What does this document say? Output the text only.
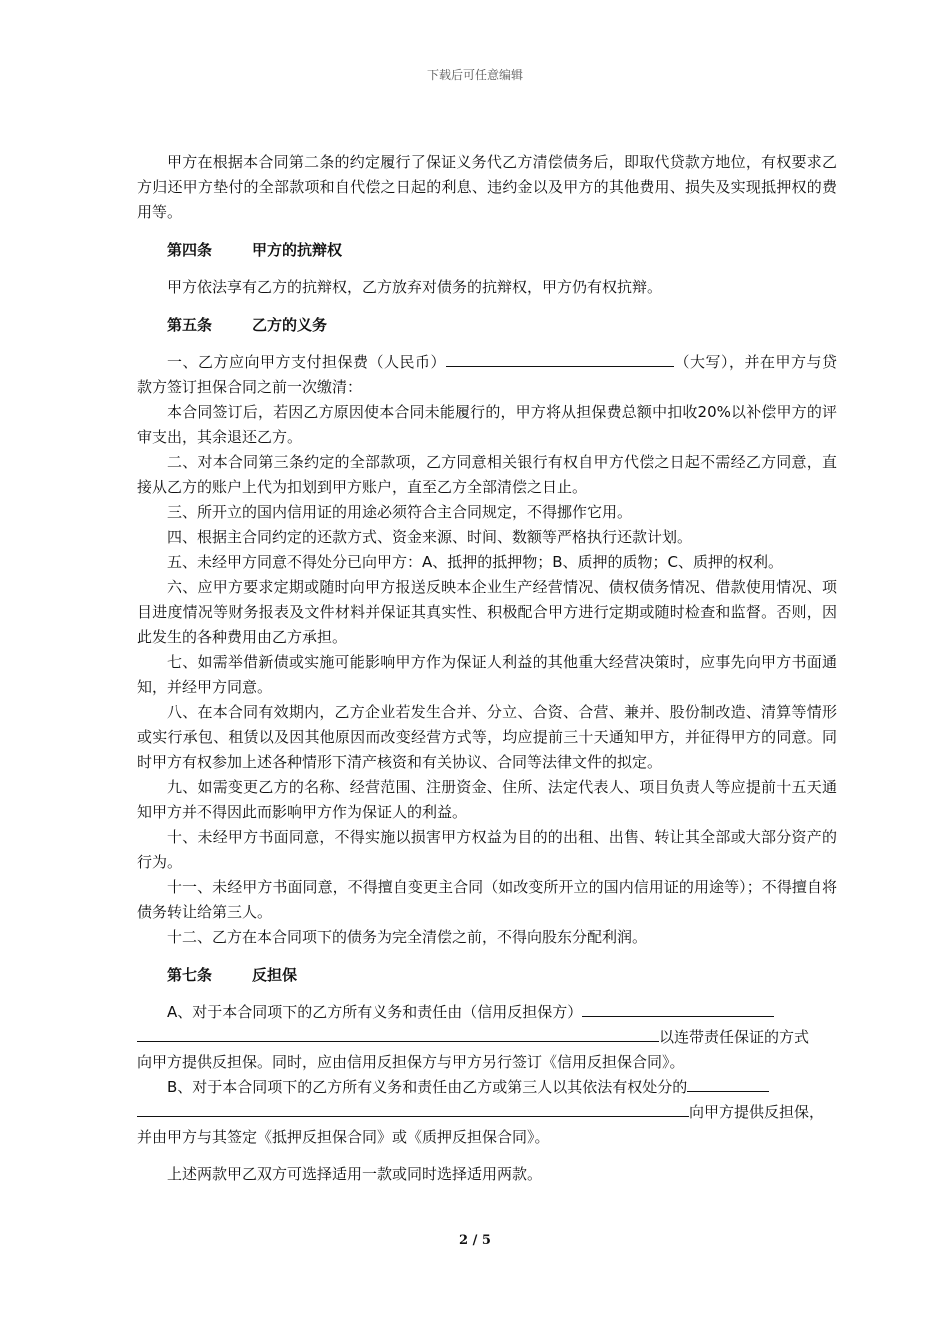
下载后可任意编辑

甲方在根据本合同第二条的约定履行了保证义务代乙方清偿债务后，即取代贷款方地位，有权要求乙方归还甲方垫付的全部款项和自代偿之日起的利息、违约金以及甲方的其他费用、损失及实现抵押权的费用等。

第四条	甲方的抗辩权

甲方依法享有乙方的抗辩权，乙方放弃对债务的抗辩权，甲方仍有权抗辩。

第五条	乙方的义务

一、乙方应向甲方支付担保费（人民币）	（大写），并在甲方与贷款方签订担保合同之前一次缴清：

本合同签订后，若因乙方原因使本合同未能履行的，甲方将从担保费总额中扣收20%以补偿甲方的评审支出，其余退还乙方。

二、对本合同第三条约定的全部款项，乙方同意相关银行有权自甲方代偿之日起不需经乙方同意，直接从乙方的账户上代为扣划到甲方账户，直至乙方全部清偿之日止。

三、所开立的国内信用证的用途必须符合主合同规定，不得挪作它用。

四、根据主合同约定的还款方式、资金来源、时间、数额等严格执行还款计划。

五、未经甲方同意不得处分已向甲方：A、抵押的抵押物；B、质押的质物；C、质押的权利。

六、应甲方要求定期或随时向甲方报送反映本企业生产经营情况、债权债务情况、借款使用情况、项目进度情况等财务报表及文件材料并保证其真实性、积极配合甲方进行定期或随时检查和监督。否则，因此发生的各种费用由乙方承担。

七、如需举借新债或实施可能影响甲方作为保证人利益的其他重大经营决策时，应事先向甲方书面通知，并经甲方同意。

八、在本合同有效期内，乙方企业若发生合并、分立、合资、合营、兼并、股份制改造、清算等情形或实行承包、租赁以及因其他原因而改变经营方式等，均应提前三十天通知甲方，并征得甲方的同意。同时甲方有权参加上述各种情形下清产核资和有关协议、合同等法律文件的拟定。

九、如需变更乙方的名称、经营范围、注册资金、住所、法定代表人、项目负责人等应提前十五天通知甲方并不得因此而影响甲方作为保证人的利益。

十、未经甲方书面同意，不得实施以损害甲方权益为目的的出租、出售、转让其全部或大部分资产的行为。

十一、未经甲方书面同意，不得擅自变更主合同（如改变所开立的国内信用证的用途等）；不得擅自将债务转让给第三人。

十二、乙方在本合同项下的债务为完全清偿之前，不得向股东分配利润。

第七条	反担保

A、对于本合同项下的乙方所有义务和责任由（信用反担保方）

以连带责任保证的方式

向甲方提供反担保。同时，应由信用反担保方与甲方另行签订《信用反担保合同》。

B、对于本合同项下的乙方所有义务和责任由乙方或第三人以其依法有权处分的

向甲方提供反担保，

并由甲方与其签定《抵押反担保合同》或《质押反担保合同》。

上述两款甲乙双方可选择适用一款或同时选择适用两款。

2 / 5
